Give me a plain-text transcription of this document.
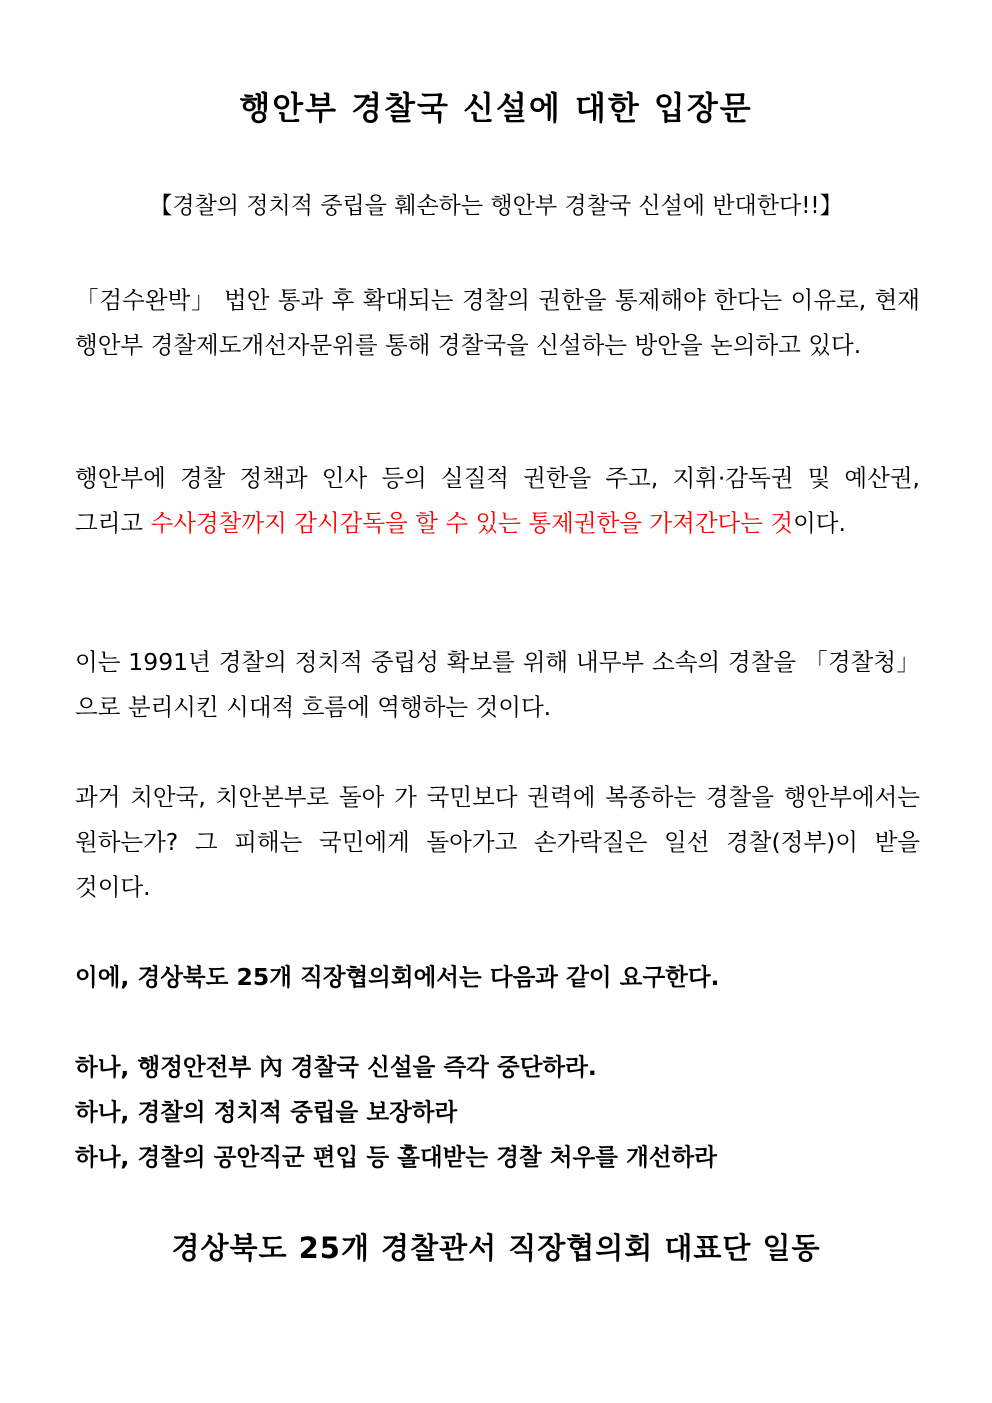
행안부 경찰국 신설에 대한 입장문
【경찰의 정치적 중립을 훼손하는 행안부 경찰국 신설에 반대한다!!】
「검수완박」 법안 통과 후 확대되는 경찰의 권한을 통제해야 한다는 이유로, 현재 행안부 경찰제도개선자문위를 통해 경찰국을 신설하는 방안을 논의하고 있다.
행안부에 경찰 정책과 인사 등의 실질적 권한을 주고, 지휘·감독권 및 예산권, 그리고 수사경찰까지 감시감독을 할 수 있는 통제권한을 가져간다는 것이다.
이는 1991년 경찰의 정치적 중립성 확보를 위해 내무부 소속의 경찰을 「경찰청」으로 분리시킨 시대적 흐름에 역행하는 것이다.
과거 치안국, 치안본부로 돌아 가 국민보다 권력에 복종하는 경찰을 행안부에서는 원하는가? 그 피해는 국민에게 돌아가고 손가락질은 일선 경찰(정부)이 받을 것이다.
이에, 경상북도 25개 직장협의회에서는 다음과 같이 요구한다.
하나, 행정안전부 內 경찰국 신설을 즉각 중단하라.
하나, 경찰의 정치적 중립을 보장하라
하나, 경찰의 공안직군 편입 등 홀대받는 경찰 처우를 개선하라
경상북도 25개 경찰관서 직장협의회 대표단 일동
